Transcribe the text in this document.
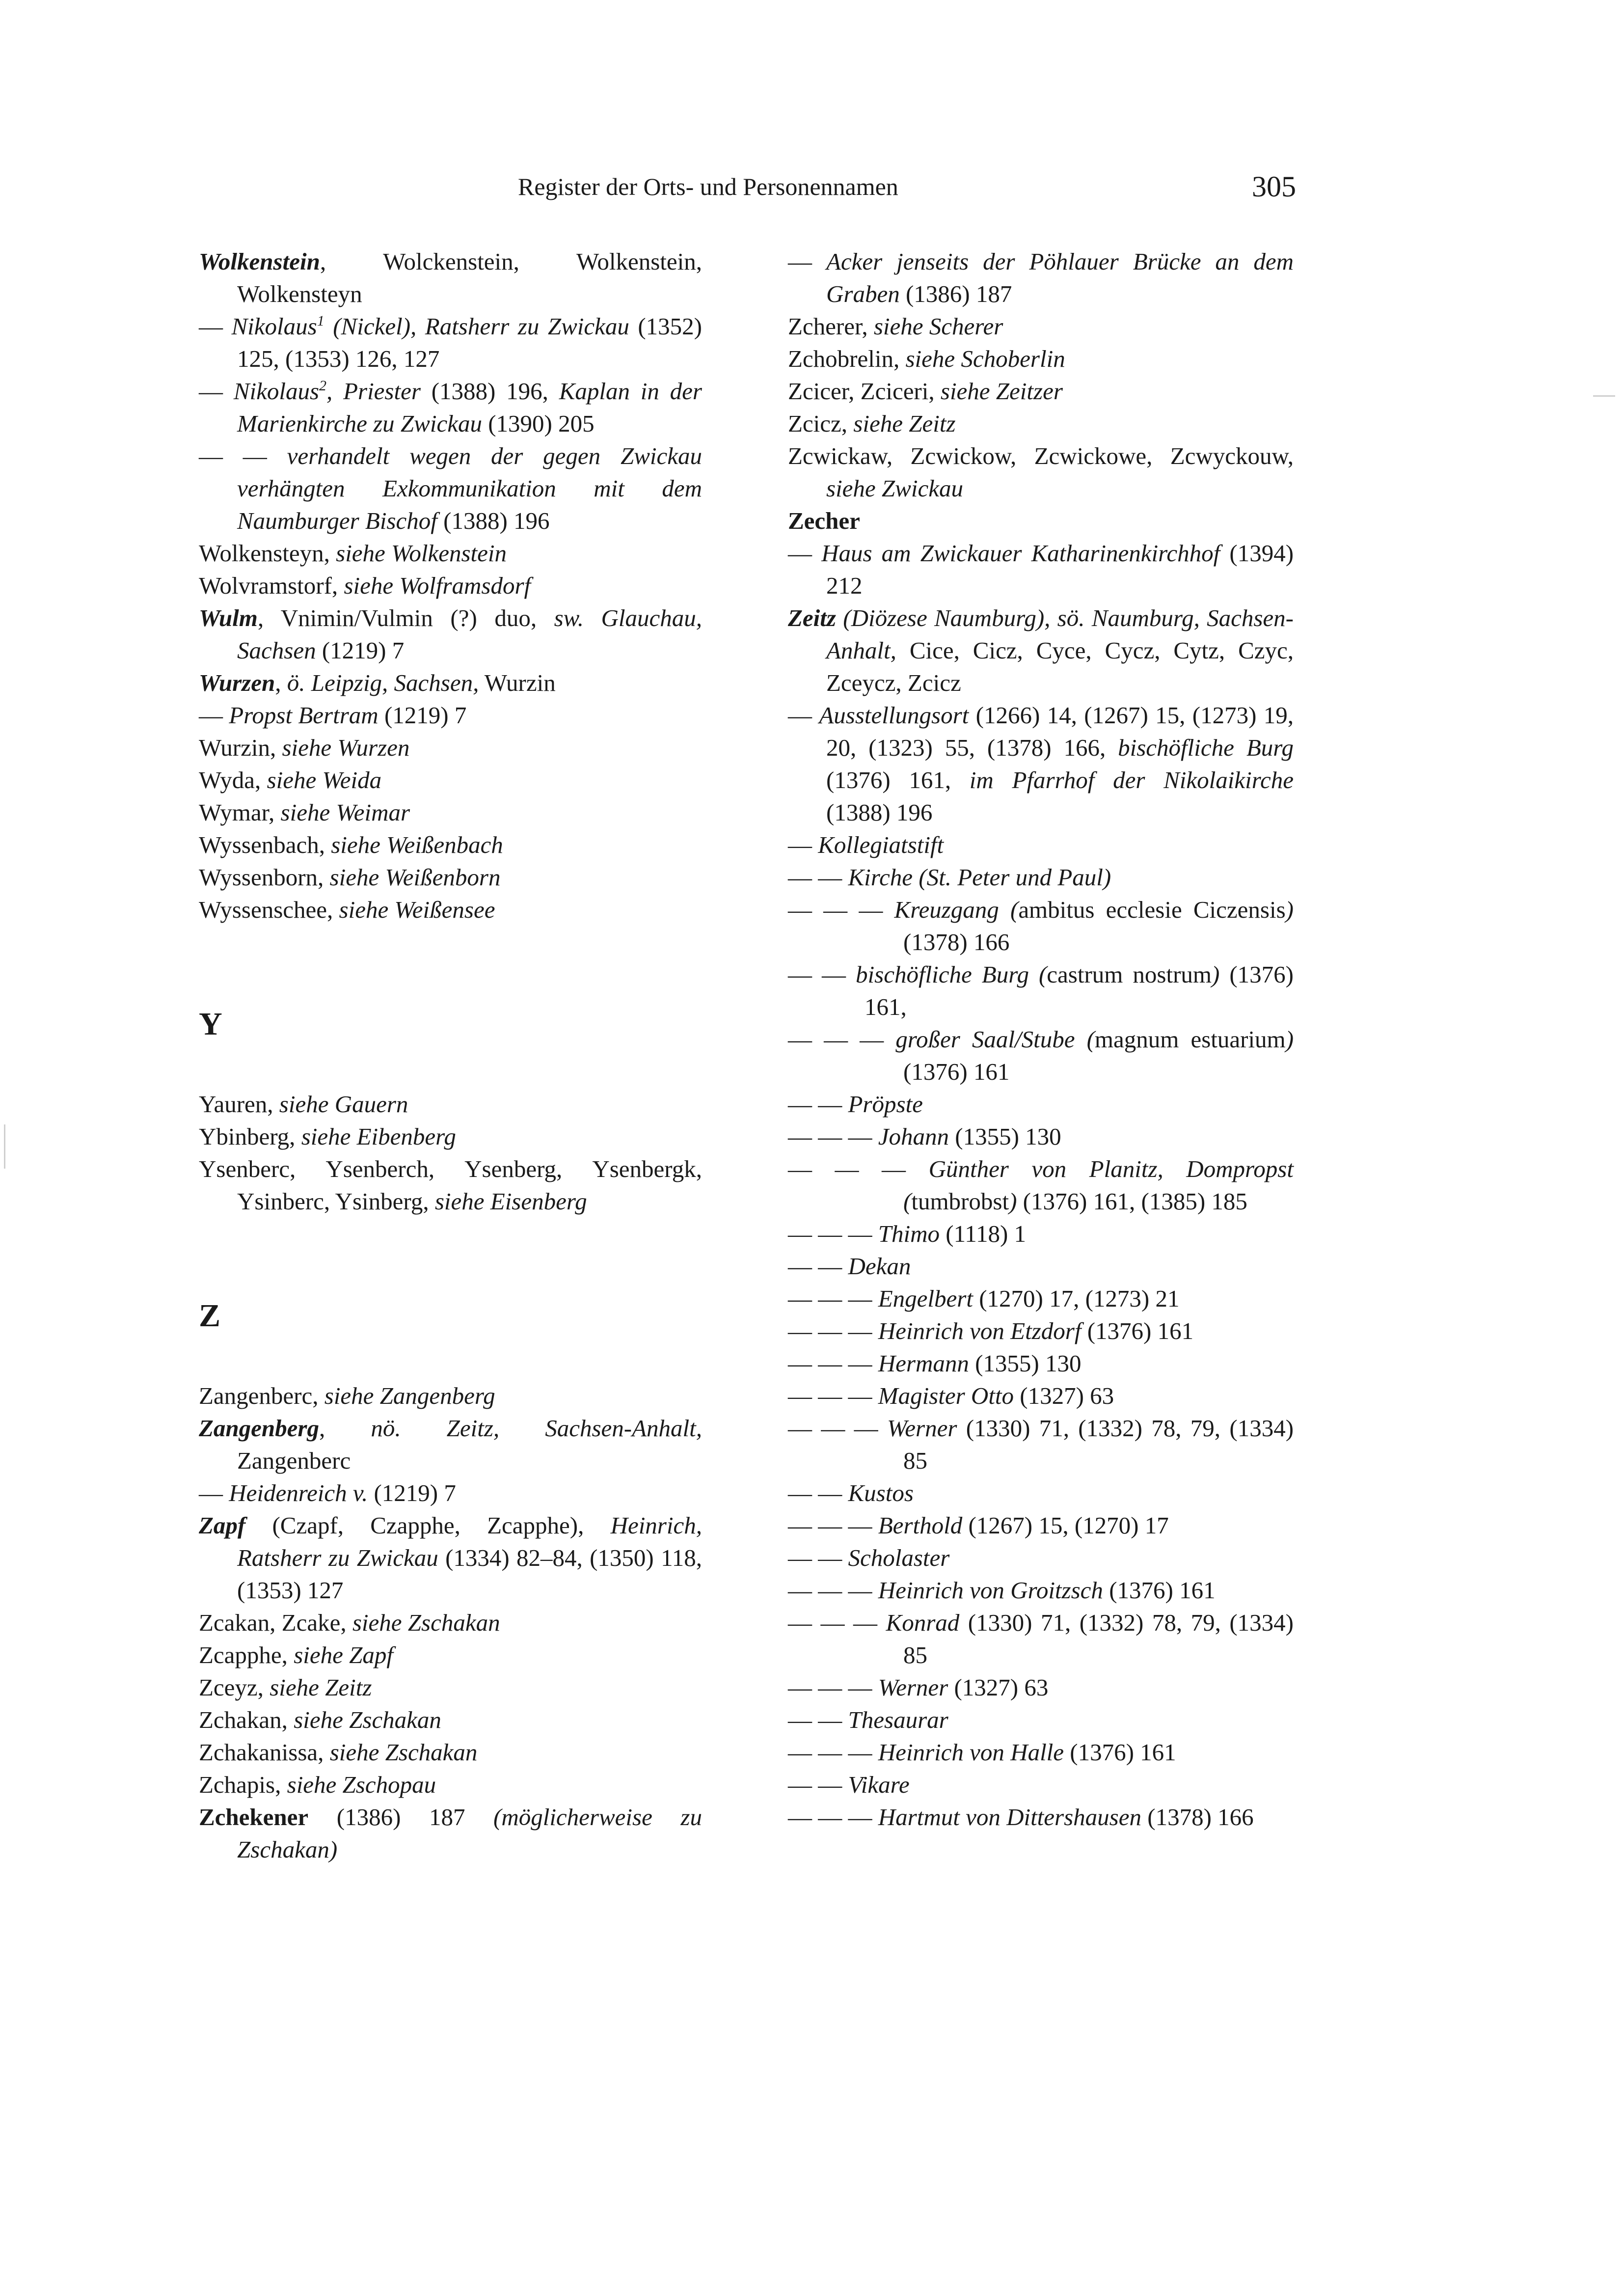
Register der Orts- und Personennamen	305
Wolkenstein, Wolckenstein, Wolkenstein, Wolkensteyn
— Nikolaus$^1$ (Nickel), Ratsherr zu Zwickau (1352) 125, (1353) 126, 127
— Nikolaus$^2$, Priester (1388) 196, Kaplan in der Marienkirche zu Zwickau (1390) 205
— — verhandelt wegen der gegen Zwickau verhängten Exkommunikation mit dem Naumburger Bischof (1388) 196
Wolkensteyn, siehe Wolkenstein
Wolvramstorf, siehe Wolframsdorf
Wulm, Vnimin/Vulmin (?) duo, sw. Glauchau, Sachsen (1219) 7
Wurzen, ö. Leipzig, Sachsen, Wurzin
— Propst Bertram (1219) 7
Wurzin, siehe Wurzen
Wyda, siehe Weida
Wymar, siehe Weimar
Wyssenbach, siehe Weißenbach
Wyssenborn, siehe Weißenborn
Wyssenschee, siehe Weißensee
Y
Yauren, siehe Gauern
Ybinberg, siehe Eibenberg
Ysenberc, Ysenberch, Ysenberg, Ysenbergk, Ysinberc, Ysinberg, siehe Eisenberg
Z
Zangenberc, siehe Zangenberg
Zangenberg, nö. Zeitz, Sachsen-Anhalt, Zangenberc
— Heidenreich v. (1219) 7
Zapf (Czapf, Czapphe, Zcapphe), Heinrich, Ratsherr zu Zwickau (1334) 82–84, (1350) 118, (1353) 127
Zcakan, Zcake, siehe Zschakan
Zcapphe, siehe Zapf
Zceyz, siehe Zeitz
Zchakan, siehe Zschakan
Zchakanissa, siehe Zschakan
Zchapis, siehe Zschopau
Zchekener (1386) 187 (möglicherweise zu Zschakan)
— Acker jenseits der Pöhlauer Brücke an dem Graben (1386) 187
Zcherer, siehe Scherer
Zchobrelin, siehe Schoberlin
Zcicer, Zciceri, siehe Zeitzer
Zcicz, siehe Zeitz
Zcwickaw, Zcwickow, Zcwickowe, Zcwyckouw, siehe Zwickau
Zecher
— Haus am Zwickauer Katharinenkirchhof (1394) 212
Zeitz (Diözese Naumburg), sö. Naumburg, Sachsen-Anhalt, Cice, Cicz, Cyce, Cycz, Cytz, Czyc, Zceycz, Zcicz
— Ausstellungsort (1266) 14, (1267) 15, (1273) 19, 20, (1323) 55, (1378) 166, bischöfliche Burg (1376) 161, im Pfarrhof der Nikolaikirche (1388) 196
— Kollegiatstift
— — Kirche (St. Peter und Paul)
— — — Kreuzgang (ambitus ecclesie Ciczensis) (1378) 166
— — bischöfliche Burg (castrum nostrum) (1376) 161,
— — — großer Saal/Stube (magnum estuarium) (1376) 161
— — Pröpste
— — — Johann (1355) 130
— — — Günther von Planitz, Dompropst (tumbrobst) (1376) 161, (1385) 185
— — — Thimo (1118) 1
— — Dekan
— — — Engelbert (1270) 17, (1273) 21
— — — Heinrich von Etzdorf (1376) 161
— — — Hermann (1355) 130
— — — Magister Otto (1327) 63
— — — Werner (1330) 71, (1332) 78, 79, (1334) 85
— — Kustos
— — — Berthold (1267) 15, (1270) 17
— — Scholaster
— — — Heinrich von Groitzsch (1376) 161
— — — Konrad (1330) 71, (1332) 78, 79, (1334) 85
— — — Werner (1327) 63
— — Thesaurar
— — — Heinrich von Halle (1376) 161
— — Vikare
— — — Hartmut von Dittershausen (1378) 166
